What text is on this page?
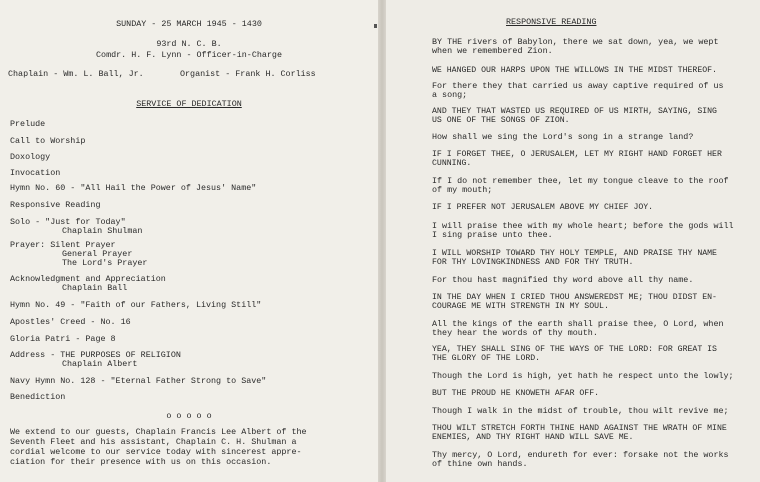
SUNDAY - 25 MARCH 1945 - 1430
93rd N. C. B.
Comdr. H. F. Lynn - Officer-in-Charge
Chaplain - Wm. L. Ball, Jr.	Organist - Frank H. Corliss
SERVICE OF DEDICATION
Prelude
Call to Worship
Doxology
Invocation
Hymn No. 60 - "All Hail the Power of Jesus' Name"
Responsive Reading
Solo - "Just for Today"
Chaplain Shulman
Prayer: Silent Prayer
General Prayer
The Lord's Prayer
Acknowledgment and Appreciation
Chaplain Ball
Hymn No. 49 - "Faith of our Fathers, Living Still"
Apostles' Creed - No. 16
Gloria Patri - Page 8
Address - THE PURPOSES OF RELIGION
Chaplain Albert
Navy Hymn No. 128 - "Eternal Father Strong to Save"
Benediction
o o o o o
We extend to our guests, Chaplain Francis Lee Albert of the
Seventh Fleet and his assistant, Chaplain C. H. Shulman a
cordial welcome to our service today with sincerest appre-
ciation for their presence with us on this occasion.
RESPONSIVE READING
BY THE rivers of Babylon, there we sat down, yea, we wept
when we remembered Zion.
WE HANGED OUR HARPS UPON THE WILLOWS IN THE MIDST THEREOF.
For there they that carried us away captive required of us
a song;
AND THEY THAT WASTED US REQUIRED OF US MIRTH, SAYING, SING
US ONE OF THE SONGS OF ZION.
How shall we sing the Lord's song in a strange land?
IF I FORGET THEE, O JERUSALEM, LET MY RIGHT HAND FORGET HER
CUNNING.
If I do not remember thee, let my tongue cleave to the roof
of my mouth;
IF I PREFER NOT JERUSALEM ABOVE MY CHIEF JOY.
I will praise thee with my whole heart; before the gods will
I sing praise unto thee.
I WILL WORSHIP TOWARD THY HOLY TEMPLE, AND PRAISE THY NAME
FOR THY LOVINGKINDNESS AND FOR THY TRUTH.
For thou hast magnified thy word above all thy name.
IN THE DAY WHEN I CRIED THOU ANSWEREDST ME; THOU DIDST EN-
COURAGE ME WITH STRENGTH IN MY SOUL.
All the kings of the earth shall praise thee, O Lord, when
they hear the words of thy mouth.
YEA, THEY SHALL SING OF THE WAYS OF THE LORD: FOR GREAT IS
THE GLORY OF THE LORD.
Though the Lord is high, yet hath he respect unto the lowly;
BUT THE PROUD HE KNOWETH AFAR OFF.
Though I walk in the midst of trouble, thou wilt revive me;
THOU WILT STRETCH FORTH THINE HAND AGAINST THE WRATH OF MINE
ENEMIES, AND THY RIGHT HAND WILL SAVE ME.
Thy mercy, O Lord, endureth for ever: forsake not the works
of thine own hands.
